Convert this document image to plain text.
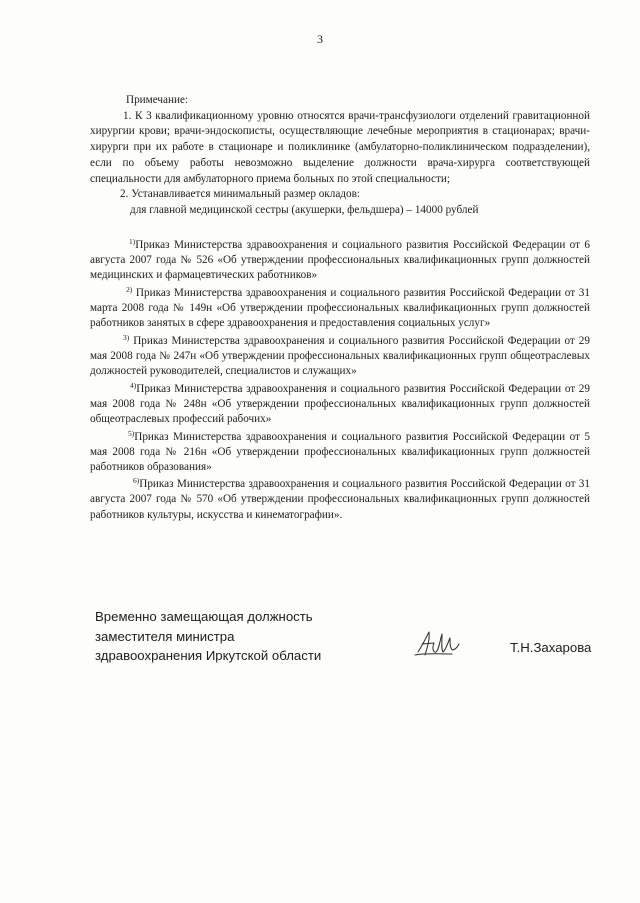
3
Примечание:
1. К 3 квалификационному уровню относятся врачи-трансфузиологи отделений гравитационной хирургии крови; врачи-эндоскописты, осуществляющие лечебные мероприятия в стационарах; врачи-хирурги при их работе в стационаре и поликлинике (амбулаторно-поликлиническом подразделении), если по объему работы невозможно выделение должности врача-хирурга соответствующей специальности для амбулаторного приема больных по этой специальности;
2. Устанавливается минимальный размер окладов:
для главной медицинской сестры (акушерки, фельдшера) – 14000 рублей
$^{1)}$Приказ Министерства здравоохранения и социального развития Российской Федерации от 6 августа 2007 года № 526 «Об утверждении профессиональных квалификационных групп должностей медицинских и фармацевтических работников»
$^{2)}$ Приказ Министерства здравоохранения и социального развития Российской Федерации от 31 марта 2008 года № 149н «Об утверждении профессиональных квалификационных групп должностей работников занятых в сфере здравоохранения и предоставления социальных услуг»
$^{3)}$ Приказ Министерства здравоохранения и социального развития Российской Федерации от 29 мая 2008 года № 247н «Об утверждении профессиональных квалификационных групп общеотраслевых должностей руководителей, специалистов и служащих»
$^{4)}$Приказ Министерства здравоохранения и социального развития Российской Федерации от 29 мая 2008 года № 248н «Об утверждении профессиональных квалификационных групп должностей общеотраслевых профессий рабочих»
$^{5)}$Приказ Министерства здравоохранения и социального развития Российской Федерации от 5 мая 2008 года № 216н «Об утверждении профессиональных квалификационных групп должностей работников образования»
$^{6)}$Приказ Министерства здравоохранения и социального развития Российской Федерации от 31 августа 2007 года № 570 «Об утверждении профессиональных квалификационных групп должностей работников культуры, искусства и кинематографии».
Временно замещающая должность
заместителя министра
здравоохранения Иркутской области
Т.Н.Захарова
